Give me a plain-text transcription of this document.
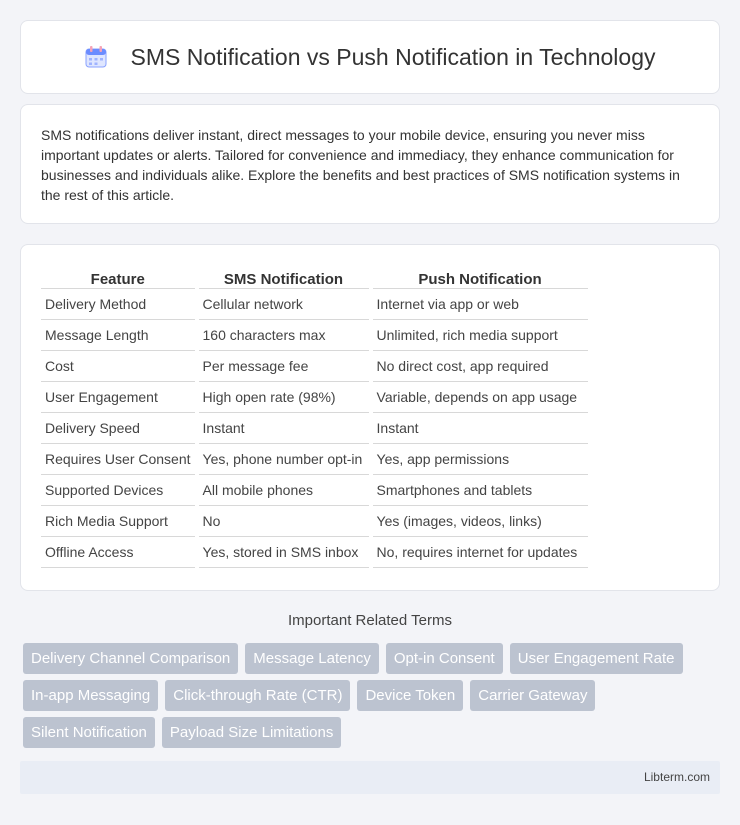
SMS Notification vs Push Notification in Technology

SMS notifications deliver instant, direct messages to your mobile device, ensuring you never miss important updates or alerts. Tailored for convenience and immediacy, they enhance communication for businesses and individuals alike. Explore the benefits and best practices of SMS notification systems in the rest of this article.

Feature	SMS Notification	Push Notification
Delivery Method	Cellular network	Internet via app or web
Message Length	160 characters max	Unlimited, rich media support
Cost	Per message fee	No direct cost, app required
User Engagement	High open rate (98%)	Variable, depends on app usage
Delivery Speed	Instant	Instant
Requires User Consent	Yes, phone number opt-in	Yes, app permissions
Supported Devices	All mobile phones	Smartphones and tablets
Rich Media Support	No	Yes (images, videos, links)
Offline Access	Yes, stored in SMS inbox	No, requires internet for updates
Important Related Terms
Delivery Channel Comparison	Message Latency	Opt-in Consent	User Engagement Rate
In-app Messaging	Click-through Rate (CTR)	Device Token	Carrier Gateway
Silent Notification	Payload Size Limitations
Libterm.com
